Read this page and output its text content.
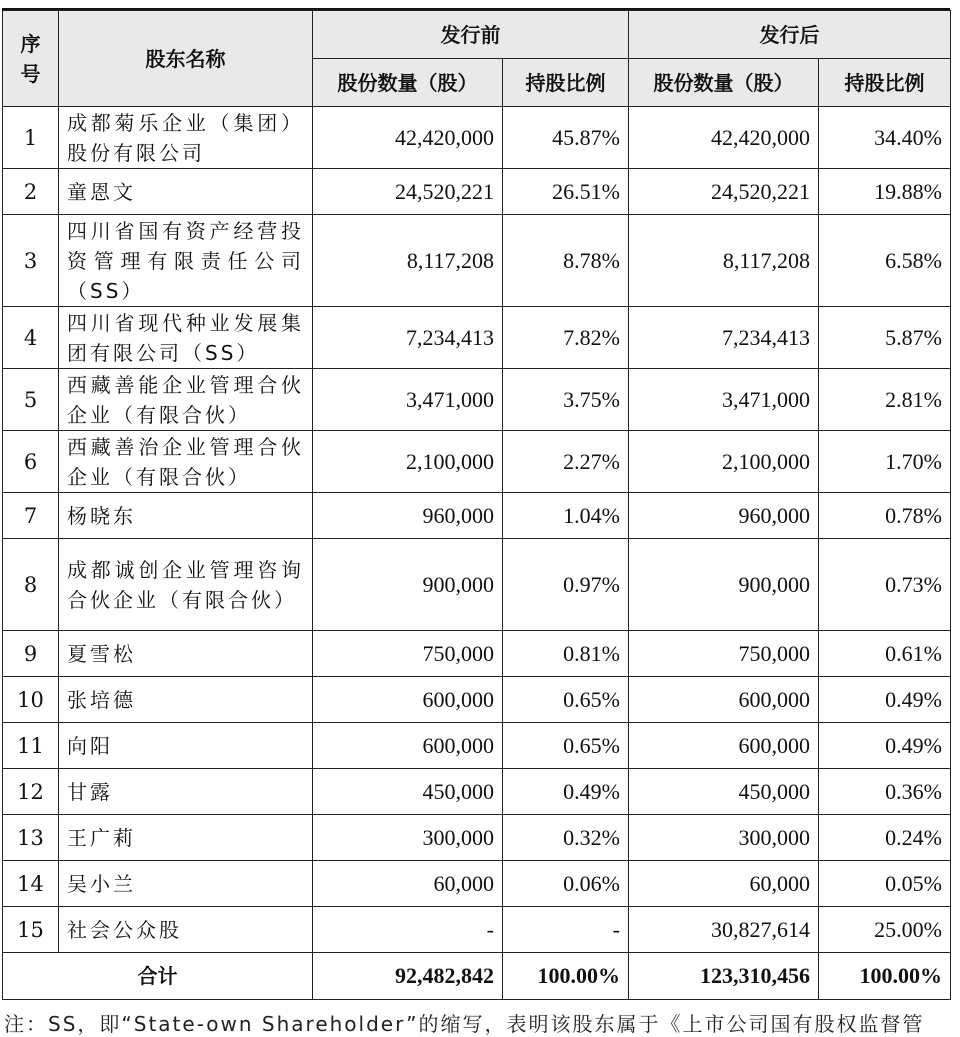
序号	股东名称	发行前		发行后	
		股份数量（股）	持股比例	股份数量（股）	持股比例
1	成都菊乐企业（集团）股份有限公司	42,420,000	45.87%	42,420,000	34.40%
2	童恩文	24,520,221	26.51%	24,520,221	19.88%
3	四川省国有资产经营投资管理有限责任公司（SS）	8,117,208	8.78%	8,117,208	6.58%
4	四川省现代种业发展集团有限公司（SS）	7,234,413	7.82%	7,234,413	5.87%
5	西藏善能企业管理合伙企业（有限合伙）	3,471,000	3.75%	3,471,000	2.81%
6	西藏善治企业管理合伙企业（有限合伙）	2,100,000	2.27%	2,100,000	1.70%
7	杨晓东	960,000	1.04%	960,000	0.78%
8	成都诚创企业管理咨询合伙企业（有限合伙）	900,000	0.97%	900,000	0.73%
9	夏雪松	750,000	0.81%	750,000	0.61%
10	张培德	600,000	0.65%	600,000	0.49%
11	向阳	600,000	0.65%	600,000	0.49%
12	甘露	450,000	0.49%	450,000	0.36%
13	王广莉	300,000	0.32%	300,000	0.24%
14	吴小兰	60,000	0.06%	60,000	0.05%
15	社会公众股	-	-	30,827,614	25.00%
合计		92,482,842	100.00%	123,310,456	100.00%
注：SS，即“State-own Shareholder”的缩写，表明该股东属于《上市公司国有股权监督管
